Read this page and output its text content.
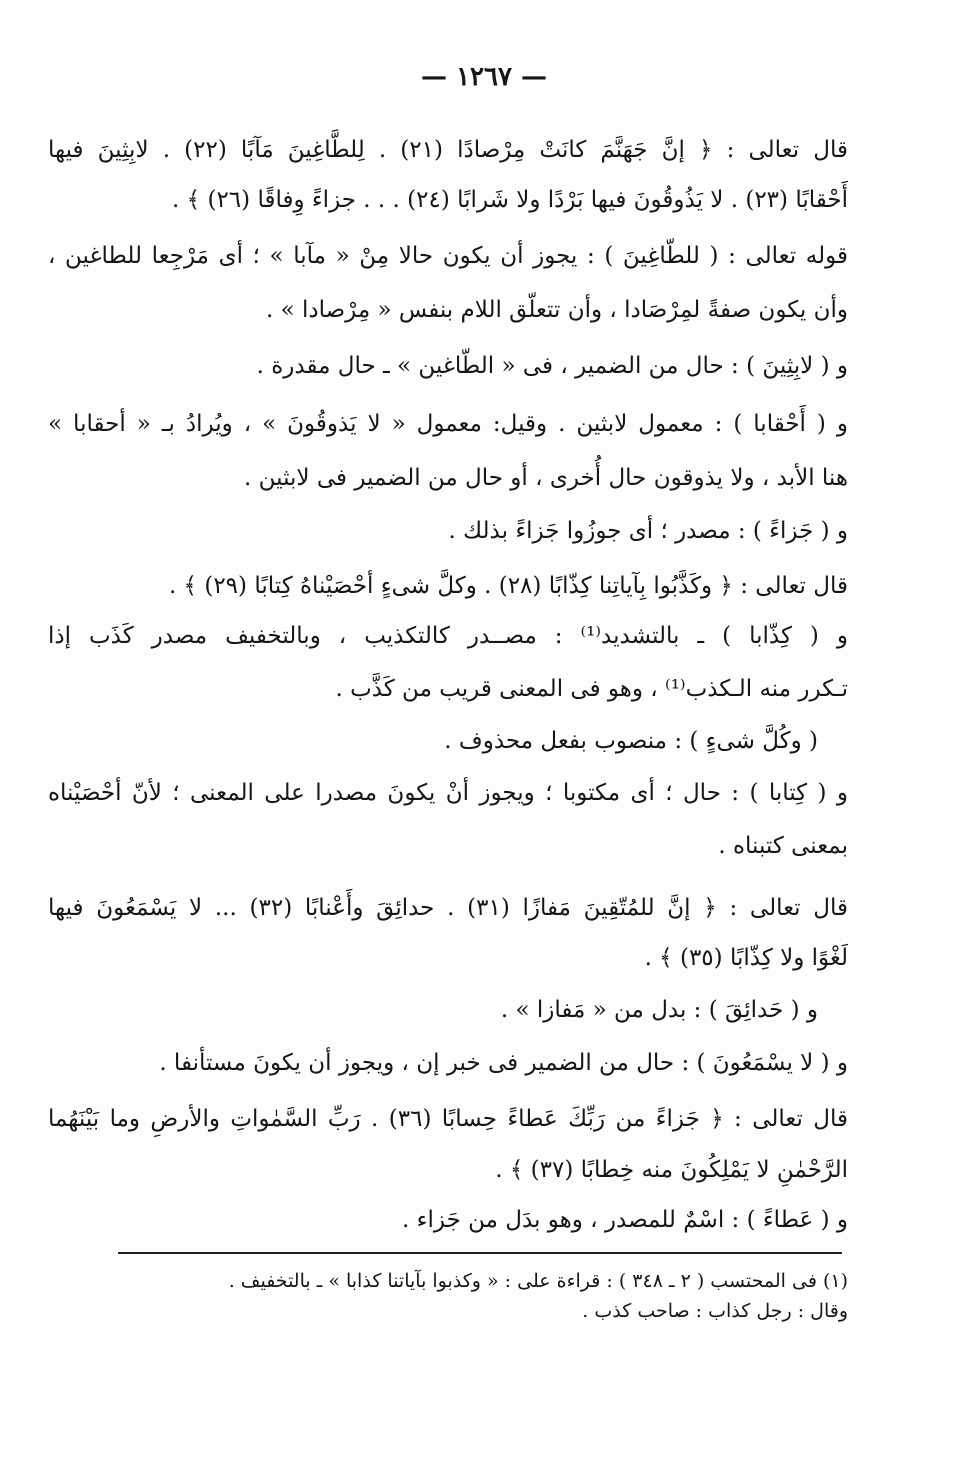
— ١٢٦٧ —
قال تعالى : ﴿ إنَّ جَهَنَّمَ كانَتْ مِرْصادًا (٢١) . لِلطَّاغِينَ مَآبًا (٢٢) . لابِثِينَ فيها
أَحْقابًا (٢٣) . لا يَذُوقُونَ فيها بَرْدًا ولا شَرابًا (٢٤) . . . جزاءً وِفاقًا (٢٦) ﴾ .
قوله تعالى : ( للطّاغِينَ ) : يجوز أن يكون حالا مِنْ « مآبا » ؛ أى مَرْجِعا للطاغين ،
وأن يكون صفةً لمِرْصَادا ، وأن تتعلّق اللام بنفس « مِرْصادا » .
و ( لابِثِينَ ) : حال من الضمير ، فى « الطّاغين » ـ حال مقدرة .
و ( أَحْقابا ) : معمول لابثين . وقيل: معمول « لا يَذوقُونَ » ، ويُرادُ بـ « أحقابا »
هنا الأبد ، ولا يذوقون حال أُخرى ، أو حال من الضمير فى لابثين .
و ( جَزاءً ) : مصدر ؛ أى جوزُوا جَزاءً بذلك .
قال تعالى : ﴿ وكَذَّبُوا بِآياتِنا كِذّابًا (٢٨) . وكلَّ شىءٍ أحْصَيْناهُ كِتابًا (٢٩) ﴾ .
و ( كِذّابا ) ـ بالتشديد⁽¹⁾ : مصــدر كالتكذيب ، وبالتخفيف مصدر كَذَب إذا
تـكرر منه الـكذب⁽¹⁾ ، وهو فى المعنى قريب من كَذَّب .
( وكُلَّ شىءٍ ) : منصوب بفعل محذوف .
و ( كِتابا ) : حال ؛ أى مكتوبا ؛ ويجوز أنْ يكونَ مصدرا على المعنى ؛ لأنّ أحْصَيْناه
بمعنى كتبناه .
قال تعالى : ﴿ إنَّ للمُتّقِينَ مَفازًا (٣١) . حدائِقَ وأَعْنابًا (٣٢) ... لا يَسْمَعُونَ فيها
لَغْوًا ولا كِذّابًا (٣٥) ﴾ .
و ( حَدائِقَ ) : بدل من « مَفازا » .
و ( لا يسْمَعُونَ ) : حال من الضمير فى خبر إن ، ويجوز أن يكونَ مستأنفا .
قال تعالى : ﴿ جَزاءً من رَبِّكَ عَطاءً حِسابًا (٣٦) . رَبِّ السَّمٰواتِ والأرضِ وما بَيْنَهُما
الرَّحْمٰنِ لا يَمْلِكُونَ منه خِطابًا (٣٧) ﴾ .
و ( عَطاءً ) : اسْمٌ للمصدر ، وهو بدَل من جَزاء .
(١) فى المحتسب ( ٢ ـ ٣٤٨ ) : قراءة على : « وكذبوا بآياتنا كذابا » ـ بالتخفيف .
وقال : رجل كذاب : صاحب كذب .
